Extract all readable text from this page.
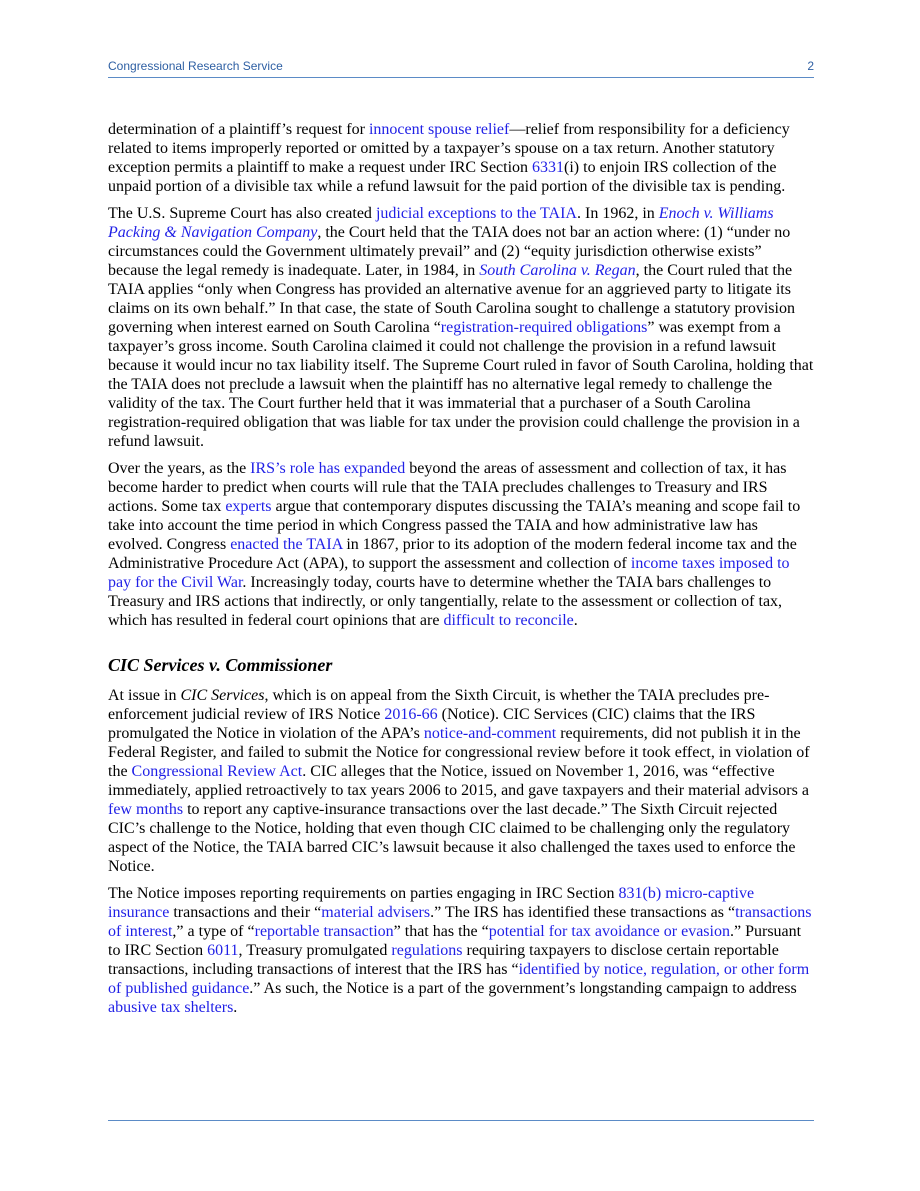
Congressional Research Service	2

determination of a plaintiff’s request for innocent spouse relief—relief from responsibility for a deficiency related to items improperly reported or omitted by a taxpayer’s spouse on a tax return. Another statutory exception permits a plaintiff to make a request under IRC Section 6331(i) to enjoin IRS collection of the unpaid portion of a divisible tax while a refund lawsuit for the paid portion of the divisible tax is pending.

The U.S. Supreme Court has also created judicial exceptions to the TAIA. In 1962, in Enoch v. Williams Packing & Navigation Company, the Court held that the TAIA does not bar an action where: (1) “under no circumstances could the Government ultimately prevail” and (2) “equity jurisdiction otherwise exists” because the legal remedy is inadequate. Later, in 1984, in South Carolina v. Regan, the Court ruled that the TAIA applies “only when Congress has provided an alternative avenue for an aggrieved party to litigate its claims on its own behalf.” In that case, the state of South Carolina sought to challenge a statutory provision governing when interest earned on South Carolina “registration-required obligations” was exempt from a taxpayer’s gross income. South Carolina claimed it could not challenge the provision in a refund lawsuit because it would incur no tax liability itself. The Supreme Court ruled in favor of South Carolina, holding that the TAIA does not preclude a lawsuit when the plaintiff has no alternative legal remedy to challenge the validity of the tax. The Court further held that it was immaterial that a purchaser of a South Carolina registration-required obligation that was liable for tax under the provision could challenge the provision in a refund lawsuit.

Over the years, as the IRS’s role has expanded beyond the areas of assessment and collection of tax, it has become harder to predict when courts will rule that the TAIA precludes challenges to Treasury and IRS actions. Some tax experts argue that contemporary disputes discussing the TAIA’s meaning and scope fail to take into account the time period in which Congress passed the TAIA and how administrative law has evolved. Congress enacted the TAIA in 1867, prior to its adoption of the modern federal income tax and the Administrative Procedure Act (APA), to support the assessment and collection of income taxes imposed to pay for the Civil War. Increasingly today, courts have to determine whether the TAIA bars challenges to Treasury and IRS actions that indirectly, or only tangentially, relate to the assessment or collection of tax, which has resulted in federal court opinions that are difficult to reconcile.

CIC Services v. Commissioner

At issue in CIC Services, which is on appeal from the Sixth Circuit, is whether the TAIA precludes pre-enforcement judicial review of IRS Notice 2016-66 (Notice). CIC Services (CIC) claims that the IRS promulgated the Notice in violation of the APA’s notice-and-comment requirements, did not publish it in the Federal Register, and failed to submit the Notice for congressional review before it took effect, in violation of the Congressional Review Act. CIC alleges that the Notice, issued on November 1, 2016, was “effective immediately, applied retroactively to tax years 2006 to 2015, and gave taxpayers and their material advisors a few months to report any captive-insurance transactions over the last decade.” The Sixth Circuit rejected CIC’s challenge to the Notice, holding that even though CIC claimed to be challenging only the regulatory aspect of the Notice, the TAIA barred CIC’s lawsuit because it also challenged the taxes used to enforce the Notice.

The Notice imposes reporting requirements on parties engaging in IRC Section 831(b) micro-captive insurance transactions and their “material advisers.” The IRS has identified these transactions as “transactions of interest,” a type of “reportable transaction” that has the “potential for tax avoidance or evasion.” Pursuant to IRC Section 6011, Treasury promulgated regulations requiring taxpayers to disclose certain reportable transactions, including transactions of interest that the IRS has “identified by notice, regulation, or other form of published guidance.” As such, the Notice is a part of the government’s longstanding campaign to address abusive tax shelters.
